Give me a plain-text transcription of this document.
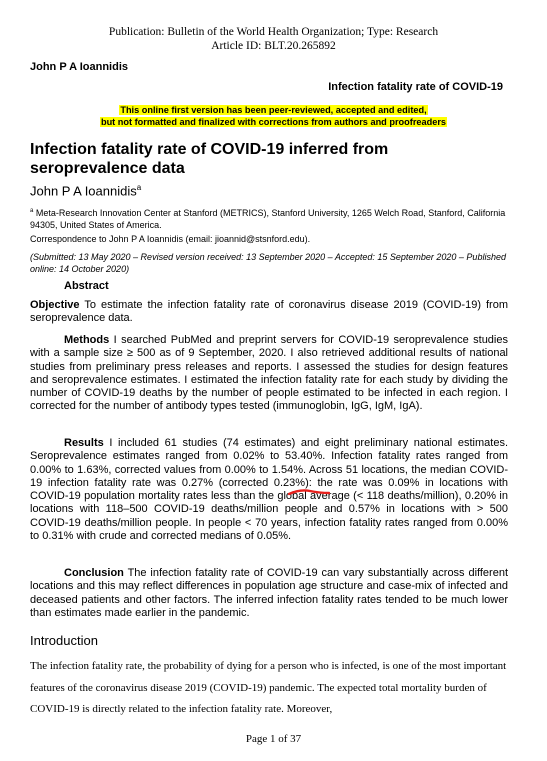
Publication: Bulletin of the World Health Organization; Type: Research
Article ID: BLT.20.265892
John P A Ioannidis
Infection fatality rate of COVID-19
This online first version has been peer-reviewed, accepted and edited,
but not formatted and finalized with corrections from authors and proofreaders
Infection fatality rate of COVID-19 inferred from seroprevalence data
John P A Ioannidis$^a$
$^a$ Meta-Research Innovation Center at Stanford (METRICS), Stanford University, 1265 Welch Road, Stanford, California 94305, United States of America.
Correspondence to John P A Ioannidis (email: jioannid@stsnford.edu).
(Submitted: 13 May 2020 – Revised version received: 13 September 2020 – Accepted: 15 September 2020 – Published online: 14 October 2020)
Abstract
Objective To estimate the infection fatality rate of coronavirus disease 2019 (COVID-19) from seroprevalence data.
Methods I searched PubMed and preprint servers for COVID-19 seroprevalence studies with a sample size ≥ 500 as of 9 September, 2020. I also retrieved additional results of national studies from preliminary press releases and reports. I assessed the studies for design features and seroprevalence estimates. I estimated the infection fatality rate for each study by dividing the number of COVID-19 deaths by the number of people estimated to be infected in each region. I corrected for the number of antibody types tested (immunoglobin, IgG, IgM, IgA).
Results I included 61 studies (74 estimates) and eight preliminary national estimates. Seroprevalence estimates ranged from 0.02% to 53.40%. Infection fatality rates ranged from 0.00% to 1.63%, corrected values from 0.00% to 1.54%. Across 51 locations, the median COVID-19 infection fatality rate was 0.27% (corrected 0.23%): the rate was 0.09% in locations with COVID-19 population mortality rates less than the global average (< 118 deaths/million), 0.20% in locations with 118–500 COVID-19 deaths/million people and 0.57% in locations with > 500 COVID-19 deaths/million people. In people < 70 years, infection fatality rates ranged from 0.00% to 0.31% with crude and corrected medians of 0.05%.
Conclusion The infection fatality rate of COVID-19 can vary substantially across different locations and this may reflect differences in population age structure and case-mix of infected and deceased patients and other factors. The inferred infection fatality rates tended to be much lower than estimates made earlier in the pandemic.
Introduction
The infection fatality rate, the probability of dying for a person who is infected, is one of the most important features of the coronavirus disease 2019 (COVID-19) pandemic. The expected total mortality burden of COVID-19 is directly related to the infection fatality rate. Moreover,
Page 1 of 37
